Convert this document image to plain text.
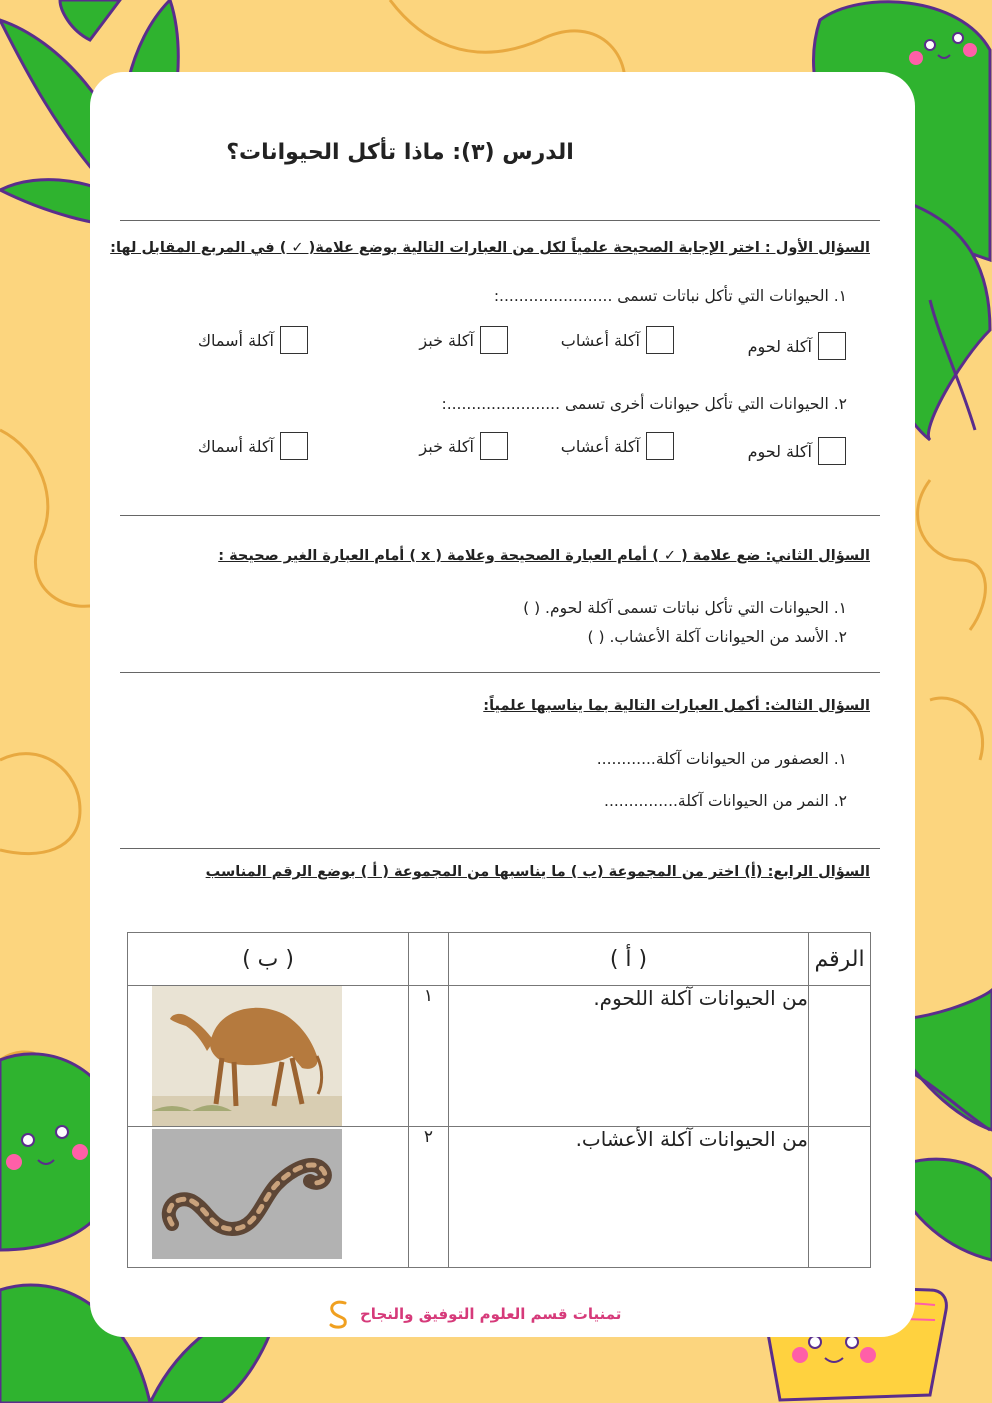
الدرس (٣): ماذا تأكل الحيوانات؟
السؤال الأول : اختر الإجابة الصحيحة علمياً لكل من العبارات التالية بوضع علامة( ✓ ) في المربع المقابل لها:
١. الحيوانات التي تأكل نباتات تسمى .......................:
آكلة لحوم
آكلة أعشاب
آكلة خبز
آكلة أسماك
٢. الحيوانات التي تأكل حيوانات أخرى تسمى .......................:
آكلة لحوم
آكلة أعشاب
آكلة خبز
آكلة أسماك
السؤال الثاني: ضع علامة ( ✓ ) أمام العبارة الصحيحة وعلامة ( x ) أمام العبارة الغير صحيحة :
١. الحيوانات التي تأكل نباتات تسمى آكلة لحوم. ( )
٢. الأسد من الحيوانات آكلة الأعشاب. ( )
السؤال الثالث: أكمل العبارات التالية بما يناسبها علمياً:
١. العصفور من الحيوانات آكلة............
٢. النمر من الحيوانات آكلة...............
السؤال الرابع: (أ) اختر من المجموعة (ب ) ما يناسبها من المجموعة ( أ ) بوضع الرقم المناسب
الرقم	( أ )		( ب )
	من الحيوانات آكلة اللحوم.	١	

	من الحيوانات آكلة الأعشاب.	٢	
تمنيات قسم العلوم التوفيق والنجاح
